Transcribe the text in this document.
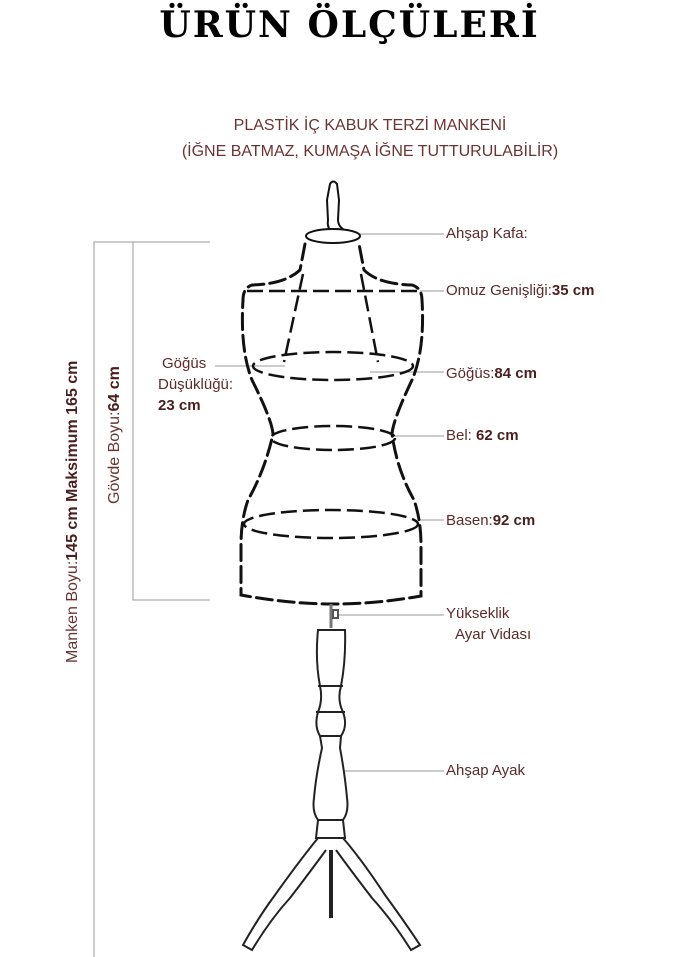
ÜRÜN ÖLÇÜLERİ
PLASTİK İÇ KABUK TERZİ MANKENİ
(İĞNE BATMAZ, KUMAŞA İĞNE TUTTURULABİLİR)
Ahşap Kafa:
Omuz Genişliği:35 cm
Göğüs:84 cm
Bel: 62 cm
Basen:92 cm
Yükseklik
Ayar Vidası
Ahşap Ayak
Göğüs
Düşüklüğü:
23 cm
Gövde Boyu:64 cm
Manken Boyu:145 cm Maksimum 165 cm
